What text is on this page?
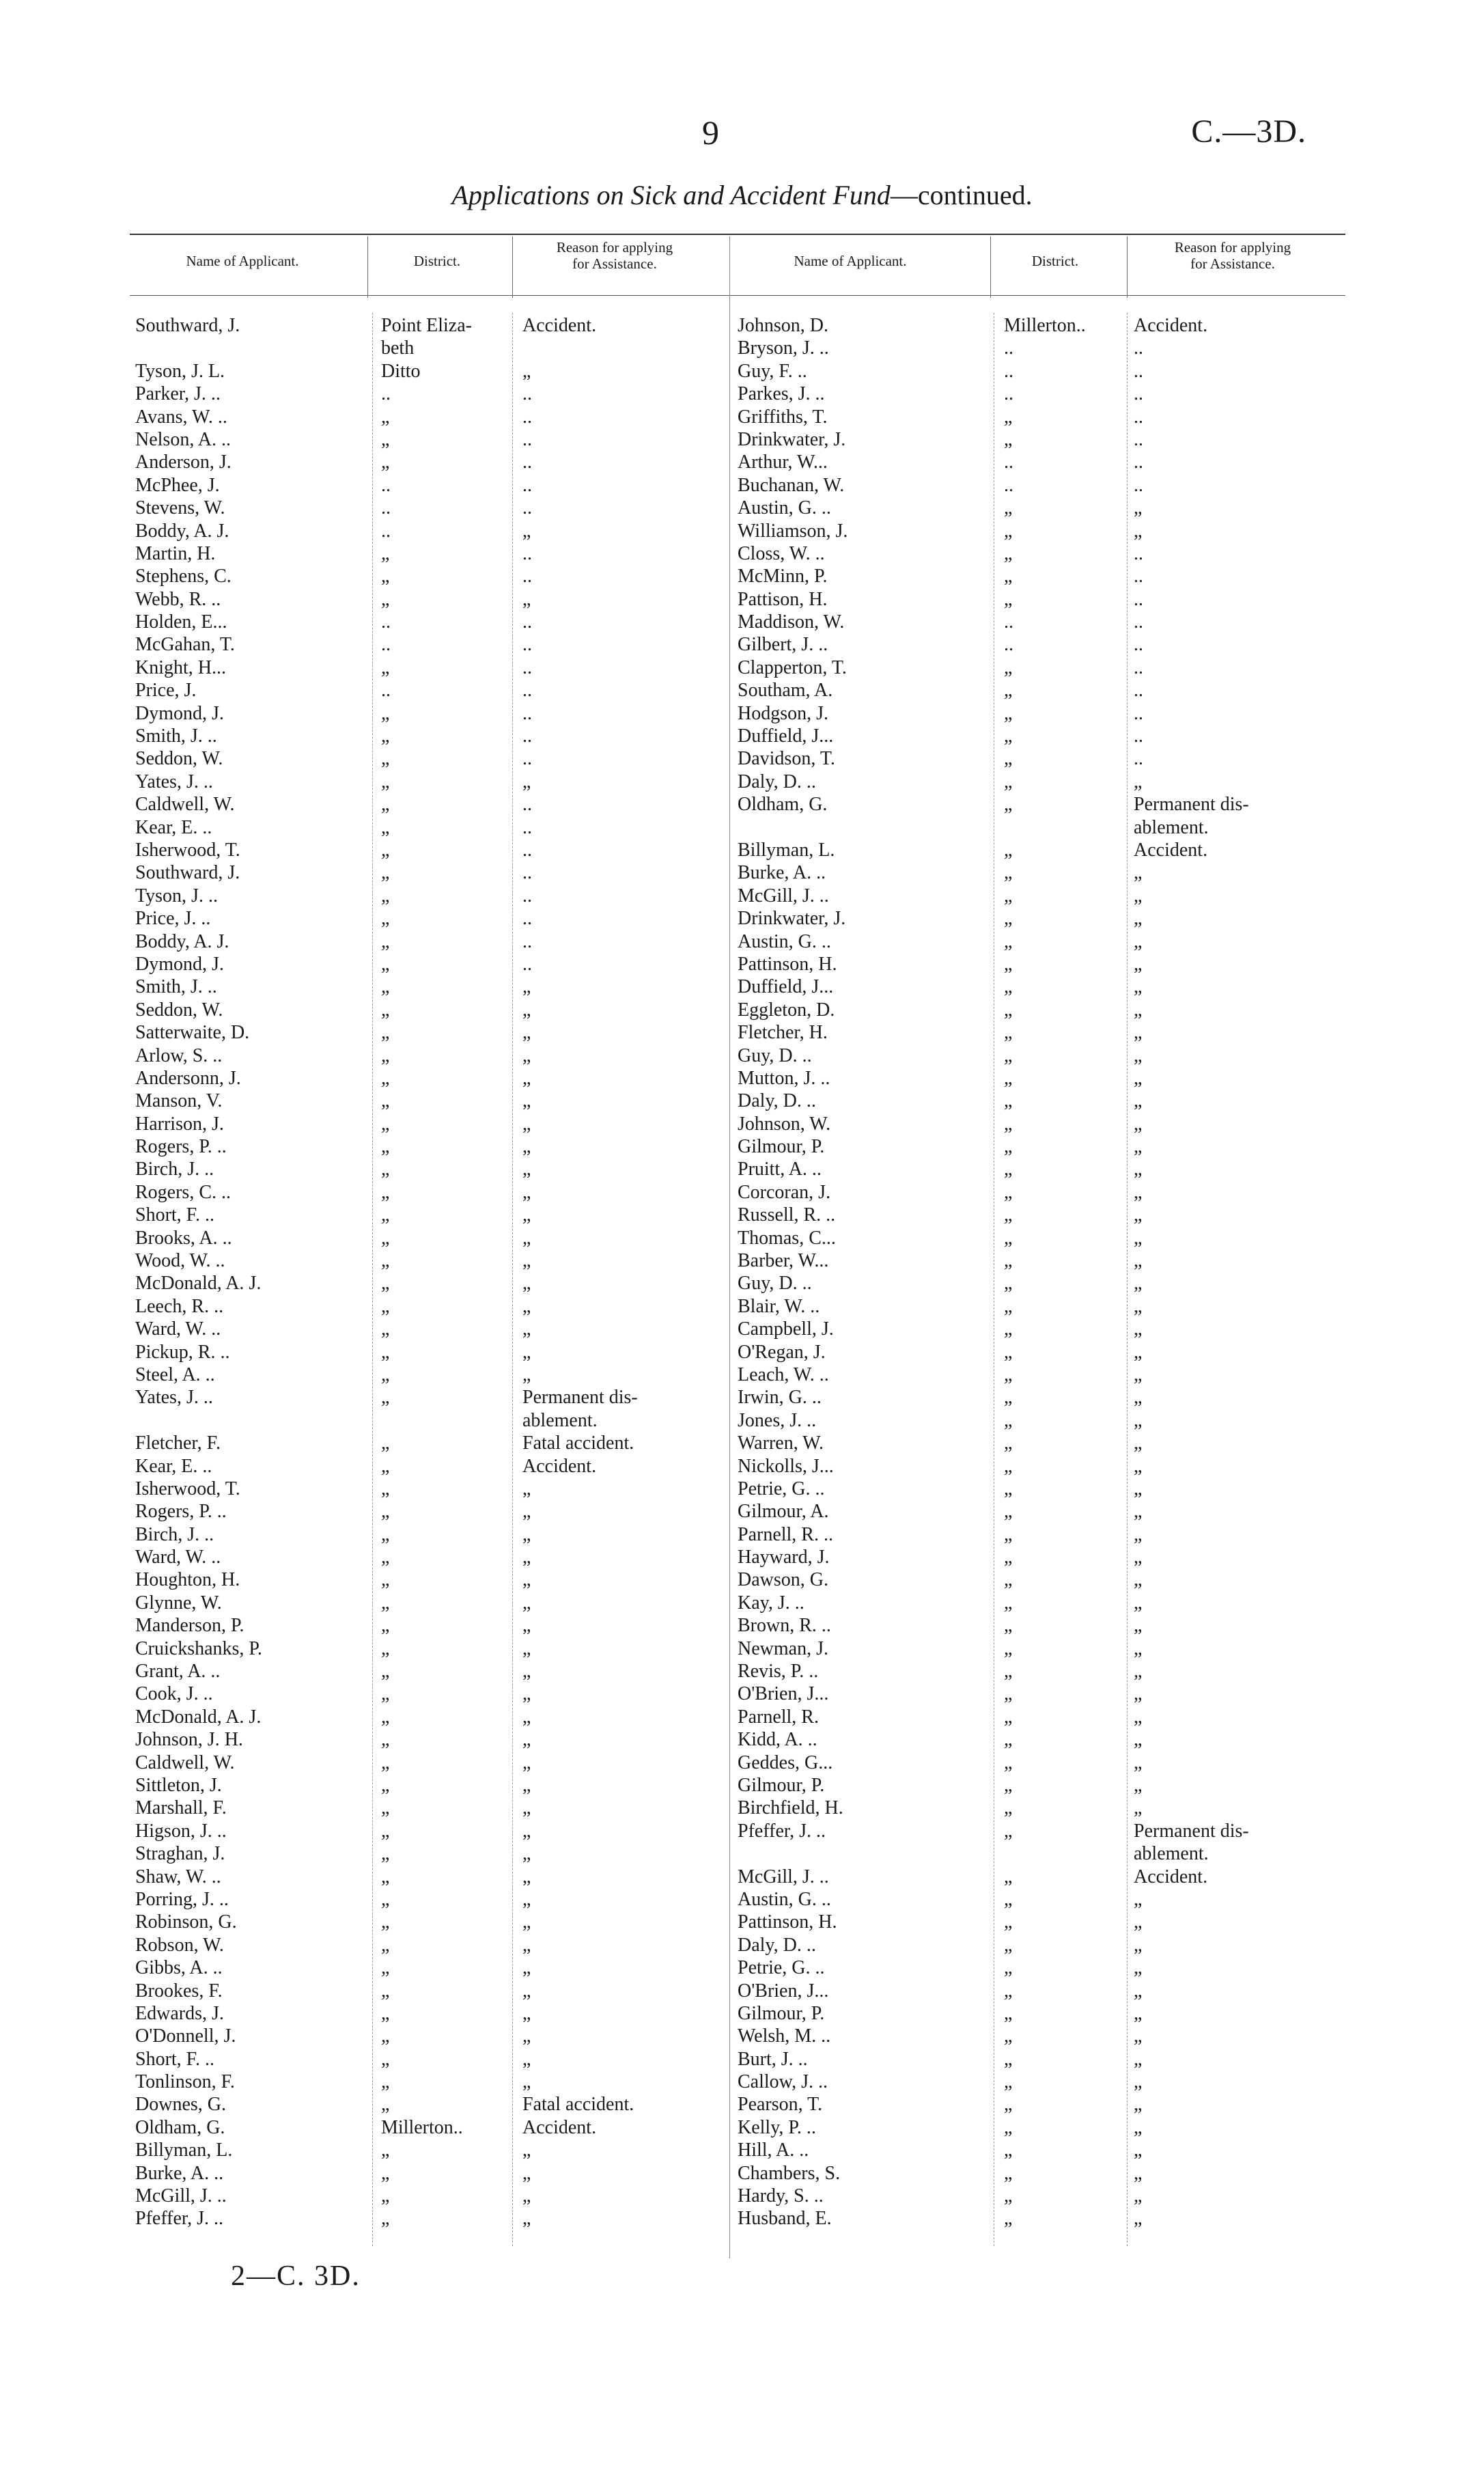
9	C.—3D.
Applications on Sick and Accident Fund—continued.
Name of Applicant.	District.
Reason for applying
for Assistance.
Southward, J.	Point Eliza-	Accident.
beth
Tyson, J. L.	Ditto	„
Parker, J. ..	..	..
Avans, W. ..	„	..
Nelson, A. ..	„	..
Anderson, J.	„	..
McPhee, J.	..	..
Stevens, W.	..	..
Boddy, A. J.	..	„
Martin, H.	„	..
Stephens, C.	„	..
Webb, R. ..	„	„
Holden, E...	..	..
McGahan, T.	..	..
Knight, H...	„	..
Price, J.	..	..
Dymond, J.	„	..
Smith, J. ..	„	..
Seddon, W.	„	..
Yates, J. ..	„	„
Caldwell, W.	„	..
Kear, E. ..	„	..
Isherwood, T.	„	..
Southward, J.	„	..
Tyson, J. ..	„	..
Price, J. ..	„	..
Boddy, A. J.	„	..
Dymond, J.	„	..
Smith, J. ..	„	„
Seddon, W.	„	„
Satterwaite, D.	„	„
Arlow, S. ..	„	„
Andersonn, J.	„	„
Manson, V.	„	„
Harrison, J.	„	„
Rogers, P. ..	„	„
Birch, J. ..	„	„
Rogers, C. ..	„	„
Short, F. ..	„	„
Brooks, A. ..	„	„
Wood, W. ..	„	„
McDonald, A. J.	„	„
Leech, R. ..	„	„
Ward, W. ..	„	„
Pickup, R. ..	„	„
Steel, A. ..	„	„
Yates, J. ..	„	Permanent dis-
ablement.
Fletcher, F.	„	Fatal accident.
Kear, E. ..	„	Accident.
Isherwood, T.	„	„
Rogers, P. ..	„	„
Birch, J. ..	„	„
Ward, W. ..	„	„
Houghton, H.	„	„
Glynne, W.	„	„
Manderson, P.	„	„
Cruickshanks, P.	„	„
Grant, A. ..	„	„
Cook, J. ..	„	„
McDonald, A. J.	„	„
Johnson, J. H.	„	„
Caldwell, W.	„	„
Sittleton, J.	„	„
Marshall, F.	„	„
Higson, J. ..	„	„
Straghan, J.	„	„
Shaw, W. ..	„	„
Porring, J. ..	„	„
Robinson, G.	„	„
Robson, W.	„	„
Gibbs, A. ..	„	„
Brookes, F.	„	„
Edwards, J.	„	„
O'Donnell, J.	„	„
Short, F. ..	„	„
Tonlinson, F.	„	„
Downes, G.	„	Fatal accident.
Oldham, G.	Millerton..	Accident.
Billyman, L.	„	„
Burke, A. ..	„	„
McGill, J. ..	„	„
Pfeffer, J. ..	„	„
Name of Applicant.	District.
Reason for applying
for Assistance.
Johnson, D.	Millerton..	Accident.
Bryson, J. ..	..	..
Guy, F. ..	..	..
Parkes, J. ..	..	..
Griffiths, T.	„	..
Drinkwater, J.	„	..
Arthur, W...	..	..
Buchanan, W.	..	..
Austin, G. ..	„	„
Williamson, J.	„	„
Closs, W. ..	„	..
McMinn, P.	„	..
Pattison, H.	„	..
Maddison, W.	..	..
Gilbert, J. ..	..	..
Clapperton, T.	„	..
Southam, A.	„	..
Hodgson, J.	„	..
Duffield, J...	„	..
Davidson, T.	„	..
Daly, D. ..	„	„
Oldham, G.	„	Permanent dis-
ablement.
Billyman, L.	„	Accident.
Burke, A. ..	„	„
McGill, J. ..	„	„
Drinkwater, J.	„	„
Austin, G. ..	„	„
Pattinson, H.	„	„
Duffield, J...	„	„
Eggleton, D.	„	„
Fletcher, H.	„	„
Guy, D. ..	„	„
Mutton, J. ..	„	„
Daly, D. ..	„	„
Johnson, W.	„	„
Gilmour, P.	„	„
Pruitt, A. ..	„	„
Corcoran, J.	„	„
Russell, R. ..	„	„
Thomas, C...	„	„
Barber, W...	„	„
Guy, D. ..	„	„
Blair, W. ..	„	„
Campbell, J.	„	„
O'Regan, J.	„	„
Leach, W. ..	„	„
Irwin, G. ..	„	„
Jones, J. ..	„	„
Warren, W.	„	„
Nickolls, J...	„	„
Petrie, G. ..	„	„
Gilmour, A.	„	„
Parnell, R. ..	„	„
Hayward, J.	„	„
Dawson, G.	„	„
Kay, J. ..	„	„
Brown, R. ..	„	„
Newman, J.	„	„
Revis, P. ..	„	„
O'Brien, J...	„	„
Parnell, R.	„	„
Kidd, A. ..	„	„
Geddes, G...	„	„
Gilmour, P.	„	„
Birchfield, H.	„	„
Pfeffer, J. ..	„	Permanent dis-
ablement.
McGill, J. ..	„	Accident.
Austin, G. ..	„	„
Pattinson, H.	„	„
Daly, D. ..	„	„
Petrie, G. ..	„	„
O'Brien, J...	„	„
Gilmour, P.	„	„
Welsh, M. ..	„	„
Burt, J. ..	„	„
Callow, J. ..	„	„
Pearson, T.	„	„
Kelly, P. ..	„	„
Hill, A. ..	„	„
Chambers, S.	„	„
Hardy, S. ..	„	„
Husband, E.	„	„
2—C. 3D.
